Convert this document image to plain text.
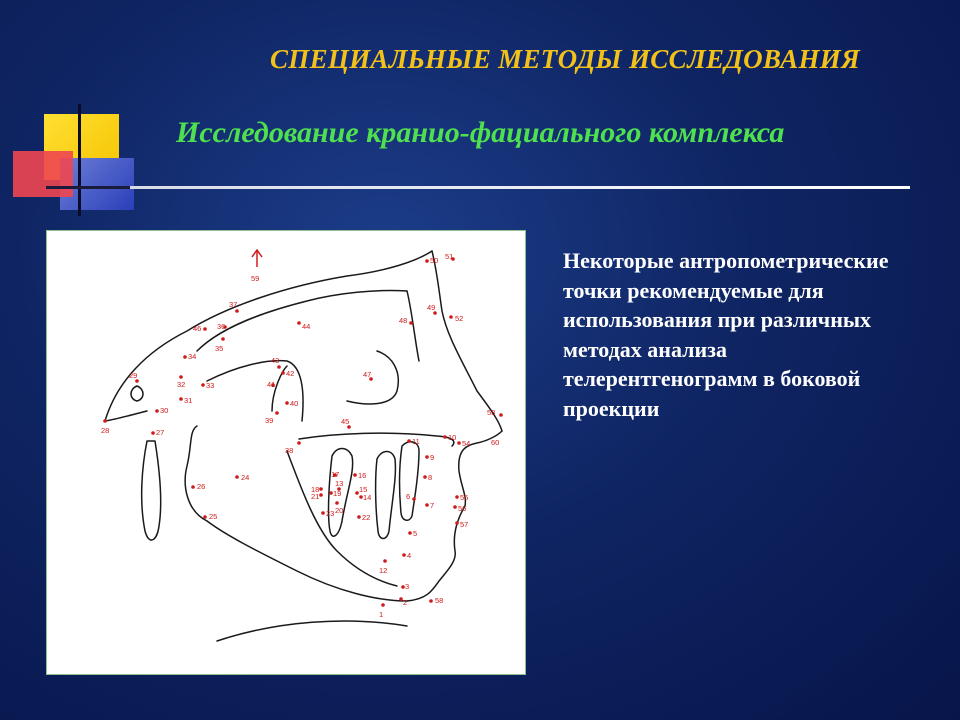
СПЕЦИАЛЬНЫЕ МЕТОДЫ ИССЛЕДОВАНИЯ
Исследование кранио-фациального комплекса
1
2
3
4
5
6
7
8
9
10
11
12
13
14
15
16
17
18 19
20
21
22
23
24
25
26
27
28
29
30
31
32	33
34
35
36
37
38
39
40
41
42
43
44
45
46
47
48
49
50 51
52
53
54
55
56
57
58
59
60
Некоторые антропометрические точки рекомендуемые для использования при различных методах анализа телерентгенограмм в боковой проекции
